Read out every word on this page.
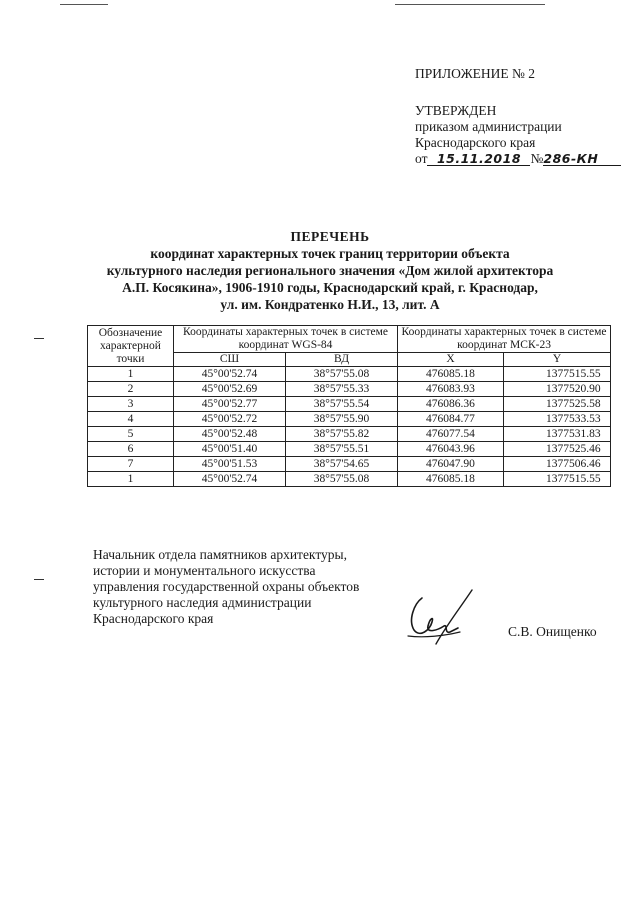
ПРИЛОЖЕНИЕ № 2
УТВЕРЖДЕН
приказом администрации
Краснодарского края
от 15.11.2018 №286-КН
ПЕРЕЧЕНЬ
координат характерных точек границ территории объекта
культурного наследия регионального значения «Дом жилой архитектора
А.П. Косякина», 1906-1910 годы, Краснодарский край, г. Краснодар,
ул. им. Кондратенко Н.И., 13, лит. А
Обозначение характерной точки	Координаты характерных точек в системе координат WGS-84		Координаты характерных точек в системе координат МСК-23	
	СШ	ВД	X	Y
1	45°00'52.74	38°57'55.08	476085.18	1377515.55
2	45°00'52.69	38°57'55.33	476083.93	1377520.90
3	45°00'52.77	38°57'55.54	476086.36	1377525.58
4	45°00'52.72	38°57'55.90	476084.77	1377533.53
5	45°00'52.48	38°57'55.82	476077.54	1377531.83
6	45°00'51.40	38°57'55.51	476043.96	1377525.46
7	45°00'51.53	38°57'54.65	476047.90	1377506.46
1	45°00'52.74	38°57'55.08	476085.18	1377515.55
Начальник отдела памятников архитектуры,
истории и монументального искусства
управления государственной охраны объектов
культурного наследия администрации
Краснодарского края
С.В. Онищенко
